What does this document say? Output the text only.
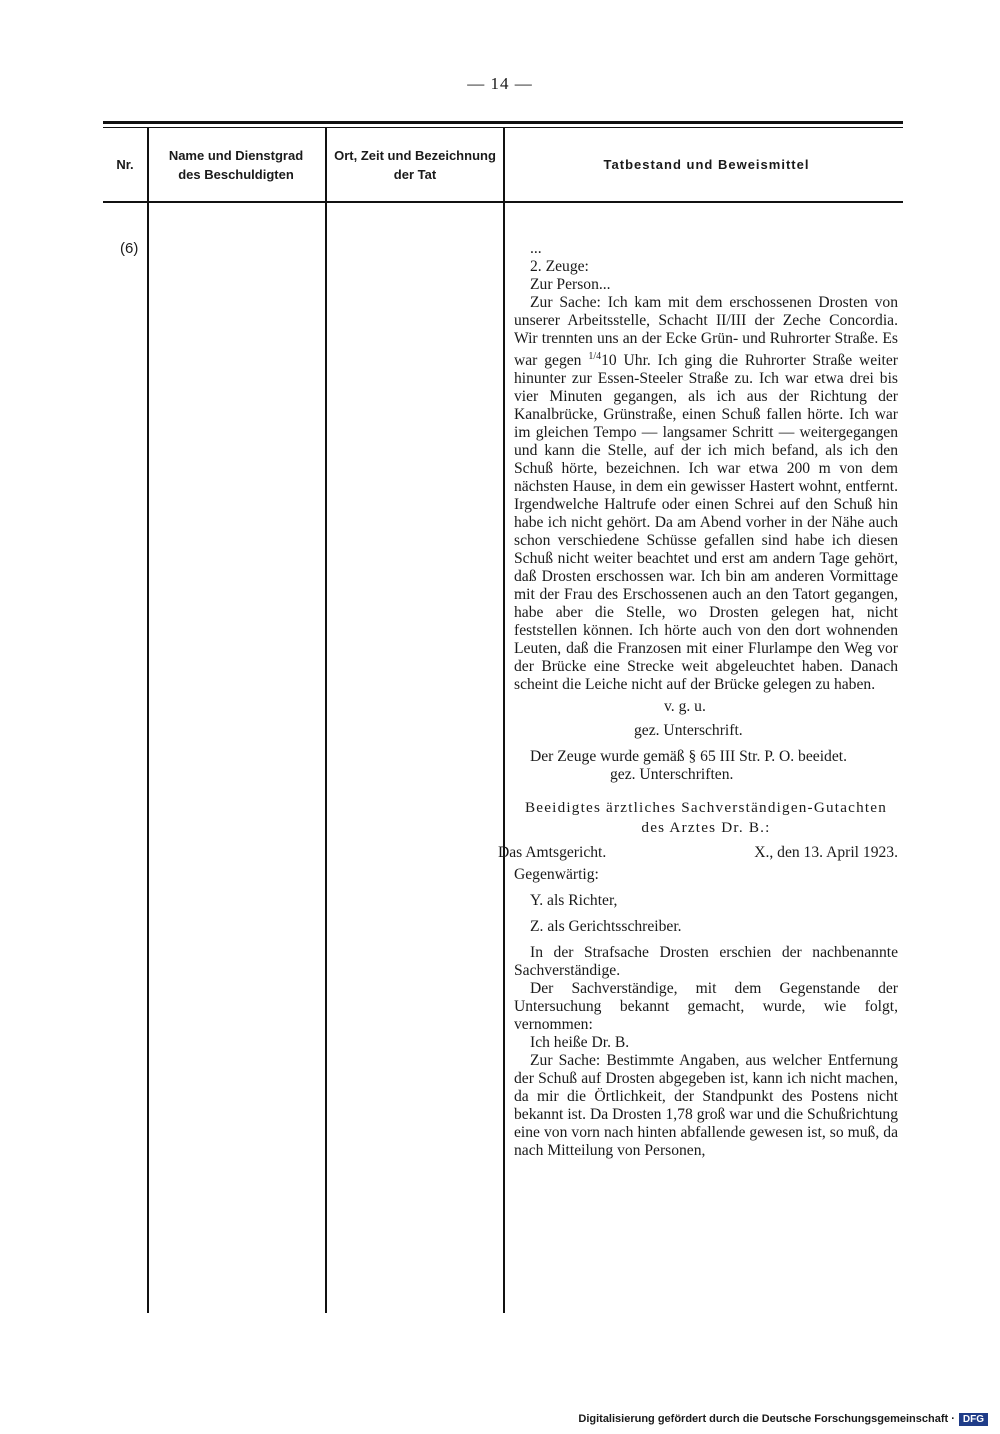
— 14 —
Nr.
Name und Dienstgrad des Beschuldigten
Ort, Zeit und Bezeichnung der Tat
Tatbestand und Beweismittel
(6)	...

2. Zeuge:

Zur Person...

Zur Sache: Ich kam mit dem erschossenen Drosten von unserer Arbeitsstelle, Schacht II/III der Zeche Concordia. Wir trennten uns an der Ecke Grün- und Ruhrorter Straße. Es war gegen $^{1/4}$10 Uhr. Ich ging die Ruhrorter Straße weiter hinunter zur Essen-Steeler Straße zu. Ich war etwa drei bis vier Minuten gegangen, als ich aus der Richtung der Kanalbrücke, Grünstraße, einen Schuß fallen hörte. Ich war im gleichen Tempo — langsamer Schritt — weitergegangen und kann die Stelle, auf der ich mich befand, als ich den Schuß hörte, bezeichnen. Ich war etwa 200 m von dem nächsten Hause, in dem ein gewisser Hastert wohnt, entfernt. Irgendwelche Haltrufe oder einen Schrei auf den Schuß hin habe ich nicht gehört. Da am Abend vorher in der Nähe auch schon verschiedene Schüsse gefallen sind habe ich diesen Schuß nicht weiter beachtet und erst am andern Tage gehört, daß Drosten erschossen war. Ich bin am anderen Vormittage mit der Frau des Erschossenen auch an den Tatort gegangen, habe aber die Stelle, wo Drosten gelegen hat, nicht feststellen können. Ich hörte auch von den dort wohnenden Leuten, daß die Franzosen mit einer Flurlampe den Weg vor der Brücke eine Strecke weit abgeleuchtet haben. Danach scheint die Leiche nicht auf der Brücke gelegen zu haben.

v. g. u.

gez. Unterschrift.

Der Zeuge wurde gemäß § 65 III Str. P. O. beeidet.

gez. Unterschriften.

Beeidigtes ärztliches Sachverständigen-Gutachten des Arztes Dr. B.:

Das Amtsgericht.	X., den 13. April 1923.

Gegenwärtig:

Y. als Richter,

Z. als Gerichtsschreiber.

In der Strafsache Drosten erschien der nachbenannte Sachverständige.

Der Sachverständige, mit dem Gegenstande der Untersuchung bekannt gemacht, wurde, wie folgt, vernommen:

Ich heiße Dr. B.

Zur Sache: Bestimmte Angaben, aus welcher Entfernung der Schuß auf Drosten abgegeben ist, kann ich nicht machen, da mir die Örtlichkeit, der Standpunkt des Postens nicht bekannt ist. Da Drosten 1,78 groß war und die Schußrichtung eine von vorn nach hinten abfallende gewesen ist, so muß, da nach Mitteilung von Personen,

Digitalisierung gefördert durch die Deutsche Forschungsgemeinschaft · DFG
